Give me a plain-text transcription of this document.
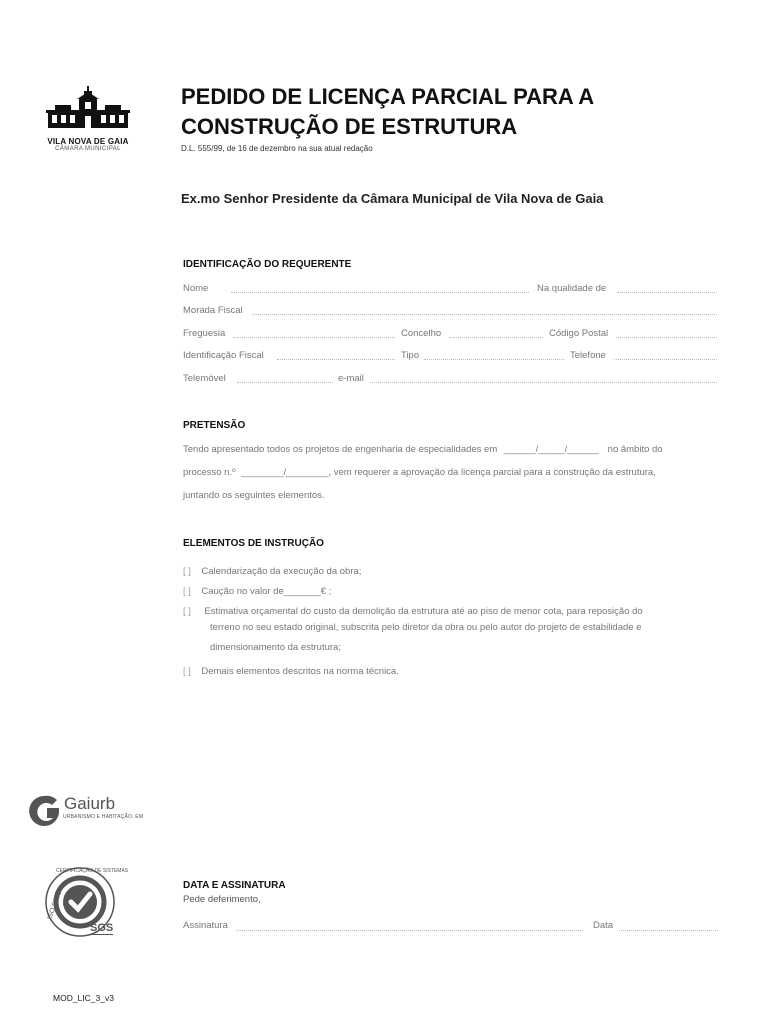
VILA NOVA DE GAIA
CÂMARA MUNICIPAL
PEDIDO DE LICENÇA PARCIAL PARA A
CONSTRUÇÃO DE ESTRUTURA
D.L. 555/99, de 16 de dezembro na sua atual redação
Ex.mo Senhor Presidente da Câmara Municipal de Vila Nova de Gaia
IDENTIFICAÇÃO DO REQUERENTE
Nome	Na qualidade de
Morada Fiscal
Freguesia	Concelho	Código Postal
Identificação Fiscal	Tipo	Telefone
Telemóvel	e-mail
PRETENSÃO
Tendo apresentado todos os projetos de engenharia de especialidades em ______/_____/______ no âmbito do
processo n.º ________/________, vem requerer a aprovação da licença parcial para a construção da estrutura,
juntando os seguintes elementos.
ELEMENTOS DE INSTRUÇÃO
[ ] Calendarização da execução da obra;
[ ] Caução no valor de_______€ ;
[ ] Estimativa orçamental do custo da demolição da estrutura até ao piso de menor cota, para reposição do
terreno no seu estado original, subscrita pelo diretor da obra ou pelo autor do projeto de estabilidade e
dimensionamento da estrutura;
[ ] Demais elementos descritos na norma técnica.
Gaiurb
URBANISMO E HABITAÇÃO, EM
CERTIFICAÇÃO DE SISTEMAS
ISO 9001
SGS
DATA E ASSINATURA
Pede deferimento,
Assinatura	Data
MOD_LIC_3_v3
